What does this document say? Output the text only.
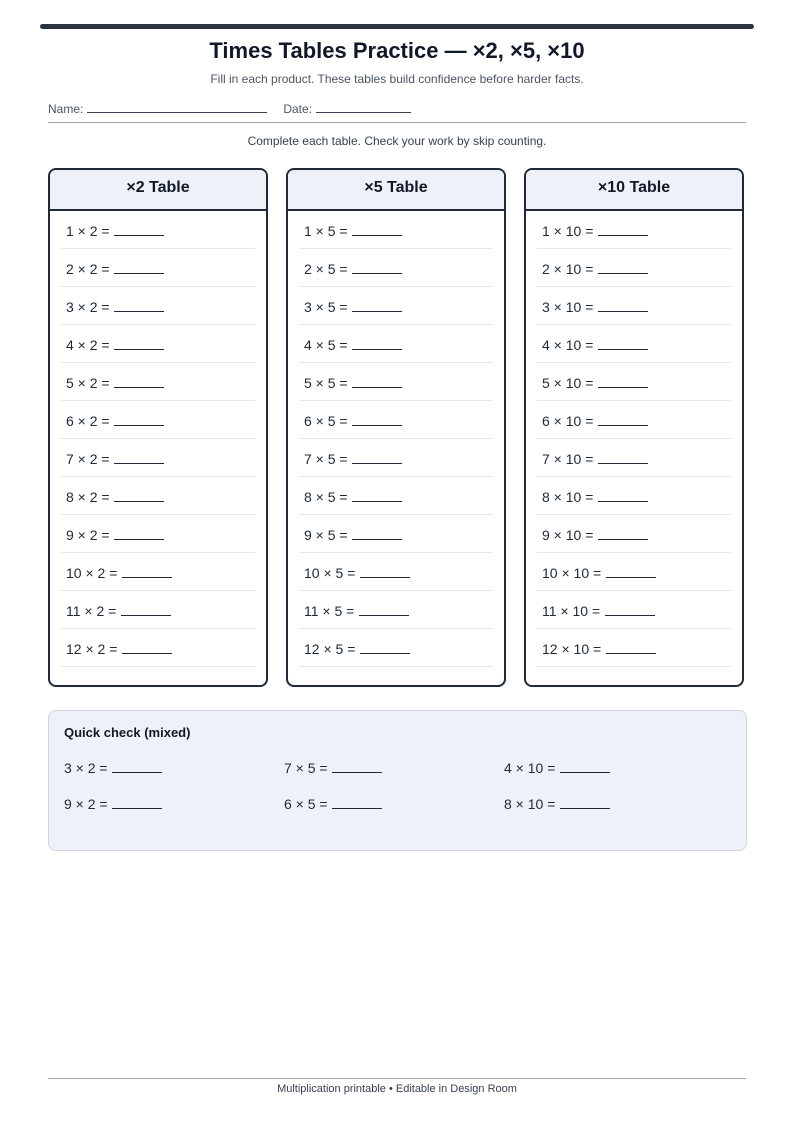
Times Tables Practice — ×2, ×5, ×10
Fill in each product. These tables build confidence before harder facts.
Name:	Date:
Complete each table. Check your work by skip counting.
×2 Table
1 × 2 =
2 × 2 =
3 × 2 =
4 × 2 =
5 × 2 =
6 × 2 =
7 × 2 =
8 × 2 =
9 × 2 =
10 × 2 =
11 × 2 =
12 × 2 =
×5 Table
1 × 5 =
2 × 5 =
3 × 5 =
4 × 5 =
5 × 5 =
6 × 5 =
7 × 5 =
8 × 5 =
9 × 5 =
10 × 5 =
11 × 5 =
12 × 5 =
×10 Table
1 × 10 =
2 × 10 =
3 × 10 =
4 × 10 =
5 × 10 =
6 × 10 =
7 × 10 =
8 × 10 =
9 × 10 =
10 × 10 =
11 × 10 =
12 × 10 =
Quick check (mixed)
3 × 2 =	7 × 5 =	4 × 10 =
9 × 2 =	6 × 5 =	8 × 10 =
Multiplication printable • Editable in Design Room
